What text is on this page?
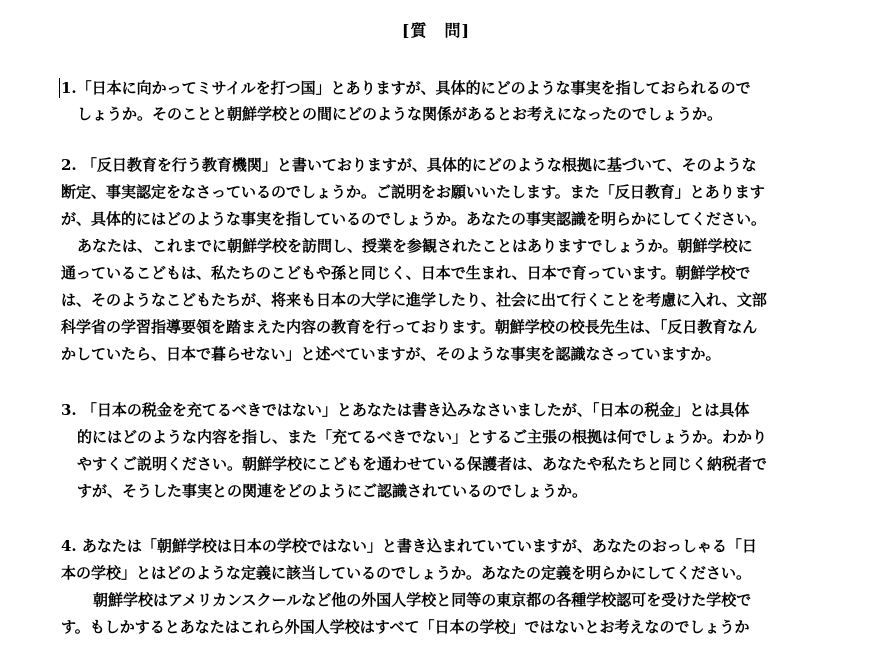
[質　問]
1.「日本に向かってミサイルを打つ国」とありますが、具体的にどのような事実を指しておられるので
しょうか。そのことと朝鮮学校との間にどのような関係があるとお考えになったのでしょうか。
2. 「反日教育を行う教育機関」と書いておりますが、具体的にどのような根拠に基づいて、そのような
断定、事実認定をなさっているのでしょうか。ご説明をお願いいたします。また「反日教育」とあります
が、具体的にはどのような事実を指しているのでしょうか。あなたの事実認識を明らかにしてください。
あなたは、これまでに朝鮮学校を訪問し、授業を参観されたことはありますでしょうか。朝鮮学校に
通っているこどもは、私たちのこどもや孫と同じく、日本で生まれ、日本で育っています。朝鮮学校で
は、そのようなこどもたちが、将来も日本の大学に進学したり、社会に出て行くことを考慮に入れ、文部
科学省の学習指導要領を踏まえた内容の教育を行っております。朝鮮学校の校長先生は、「反日教育なん
かしていたら、日本で暮らせない」と述べていますが、そのような事実を認識なさっていますか。
3. 「日本の税金を充てるべきではない」とあなたは書き込みなさいましたが、「日本の税金」とは具体
的にはどのような内容を指し、また「充てるべきでない」とするご主張の根拠は何でしょうか。わかり
やすくご説明ください。朝鮮学校にこどもを通わせている保護者は、あなたや私たちと同じく納税者で
すが、そうした事実との関連をどのようにご認識されているのでしょうか。
4. あなたは「朝鮮学校は日本の学校ではない」と書き込まれていていますが、あなたのおっしゃる「日
本の学校」とはどのような定義に該当しているのでしょうか。あなたの定義を明らかにしてください。
朝鮮学校はアメリカンスクールなど他の外国人学校と同等の東京都の各種学校認可を受けた学校で
す。もしかするとあなたはこれら外国人学校はすべて「日本の学校」ではないとお考えなのでしょうか
